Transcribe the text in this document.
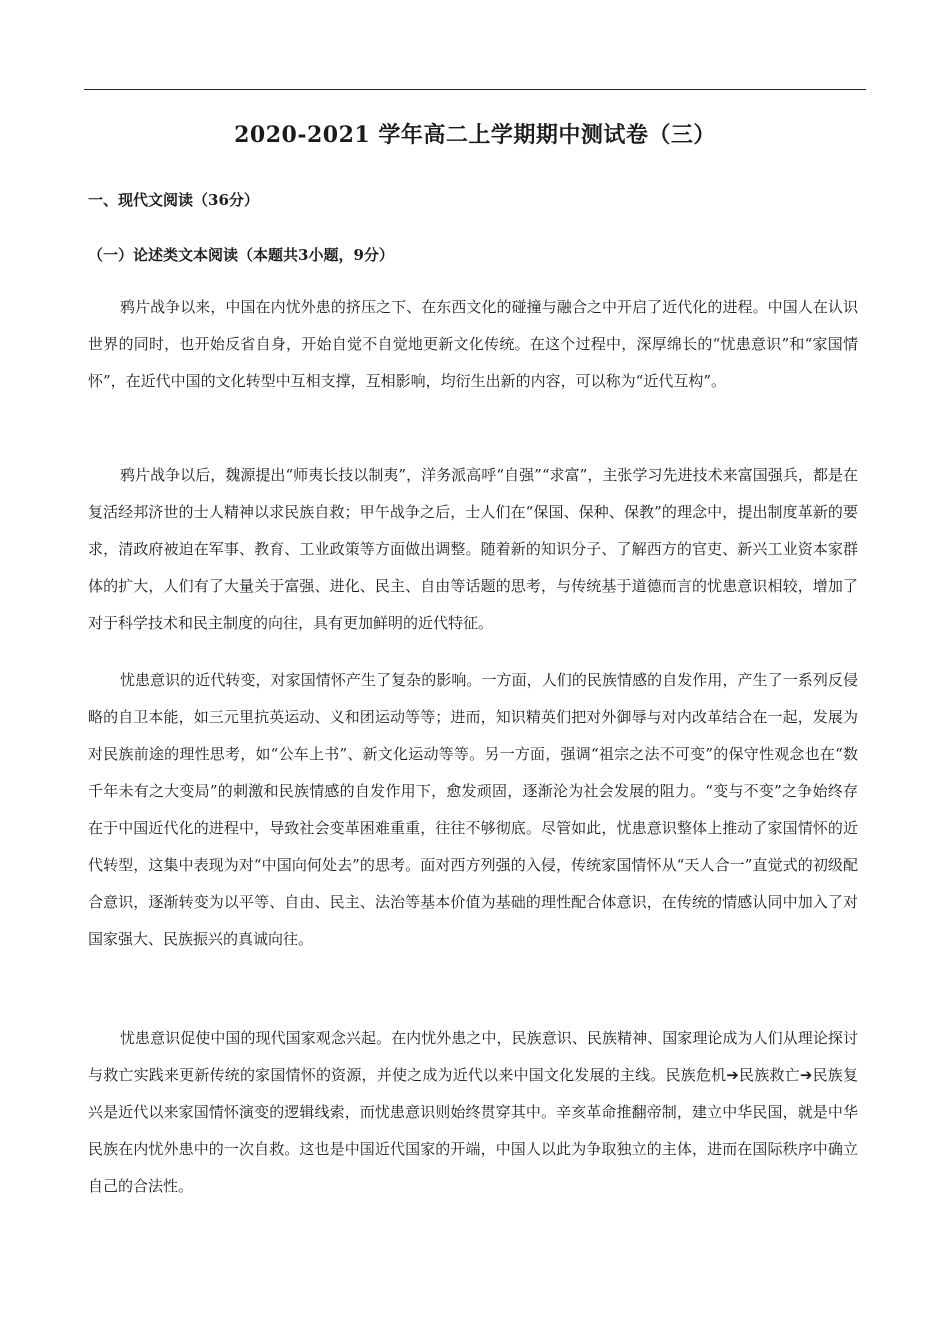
2020-2021 学年高二上学期期中测试卷（三）
一、现代文阅读（36分）
（一）论述类文本阅读（本题共3小题，9分）

鸦片战争以来，中国在内忧外患的挤压之下、在东西文化的碰撞与融合之中开启了近代化的进程。中国人在认识世界的同时，也开始反省自身，开始自觉不自觉地更新文化传统。在这个过程中，深厚绵长的“忧患意识”和“家国情怀”，在近代中国的文化转型中互相支撑，互相影响，均衍生出新的内容，可以称为“近代互构”。

鸦片战争以后，魏源提出“师夷长技以制夷”，洋务派高呼“自强”“求富”，主张学习先进技术来富国强兵，都是在复活经邦济世的士人精神以求民族自救；甲午战争之后，士人们在“保国、保种、保教”的理念中，提出制度革新的要求，清政府被迫在军事、教育、工业政策等方面做出调整。随着新的知识分子、了解西方的官吏、新兴工业资本家群体的扩大，人们有了大量关于富强、进化、民主、自由等话题的思考，与传统基于道德而言的忧患意识相较，增加了对于科学技术和民主制度的向往，具有更加鲜明的近代特征。

忧患意识的近代转变，对家国情怀产生了复杂的影响。一方面，人们的民族情感的自发作用，产生了一系列反侵略的自卫本能，如三元里抗英运动、义和团运动等等；进而，知识精英们把对外御辱与对内改革结合在一起，发展为对民族前途的理性思考，如“公车上书”、新文化运动等等。另一方面，强调“祖宗之法不可变”的保守性观念也在“数千年未有之大变局”的刺激和民族情感的自发作用下，愈发顽固，逐渐沦为社会发展的阻力。“变与不变”之争始终存在于中国近代化的进程中，导致社会变革困难重重，往往不够彻底。尽管如此，忧患意识整体上推动了家国情怀的近代转型，这集中表现为对“中国向何处去”的思考。面对西方列强的入侵，传统家国情怀从“天人合一”直觉式的初级配合意识，逐渐转变为以平等、自由、民主、法治等基本价值为基础的理性配合体意识，在传统的情感认同中加入了对国家强大、民族振兴的真诚向往。

忧患意识促使中国的现代国家观念兴起。在内忧外患之中，民族意识、民族精神、国家理论成为人们从理论探讨与救亡实践来更新传统的家国情怀的资源，并使之成为近代以来中国文化发展的主线。民族危机➔民族救亡➔民族复兴是近代以来家国情怀演变的逻辑线索，而忧患意识则始终贯穿其中。辛亥革命推翻帝制，建立中华民国，就是中华民族在内忧外患中的一次自救。这也是中国近代国家的开端，中国人以此为争取独立的主体，进而在国际秩序中确立自己的合法性。
